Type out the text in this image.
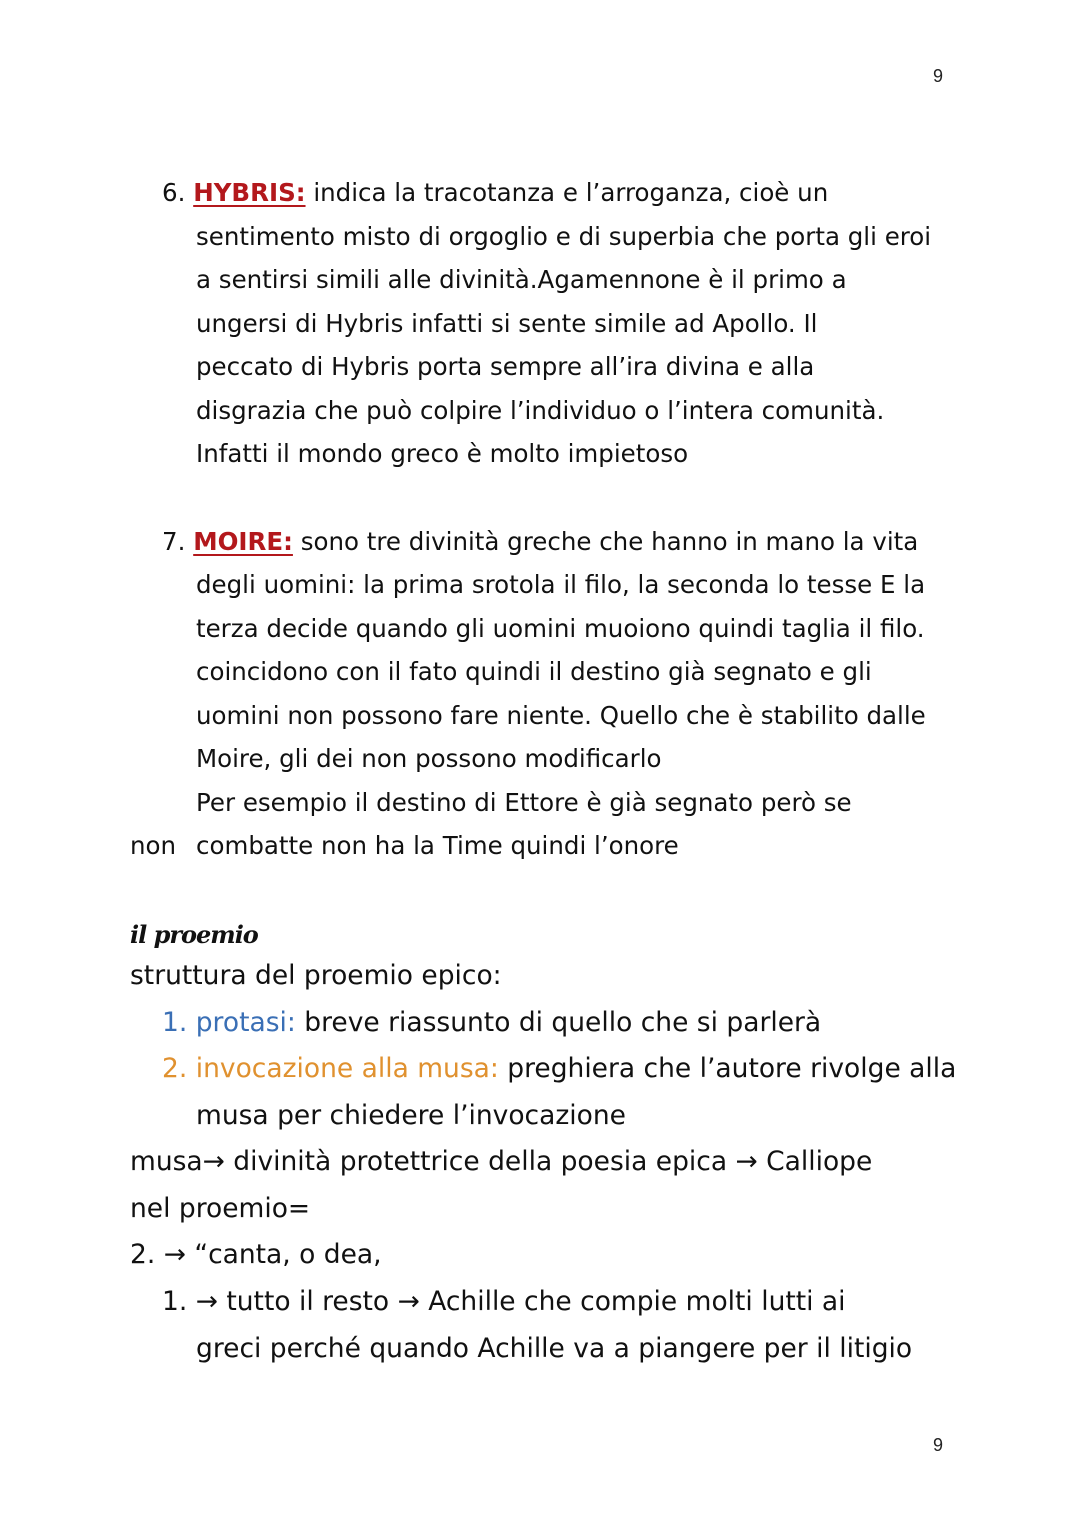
9
9
6. HYBRIS: indica la tracotanza e l’arroganza, cioè un
sentimento misto di orgoglio e di superbia che porta gli eroi
a sentirsi simili alle divinità.Agamennone è il primo a
ungersi di Hybris infatti si sente simile ad Apollo. Il
peccato di Hybris porta sempre all’ira divina e alla
disgrazia che può colpire l’individuo o l’intera comunità.
Infatti il mondo greco è molto impietoso
7. MOIRE: sono tre divinità greche che hanno in mano la vita
degli uomini: la prima srotola il filo, la seconda lo tesse E la
terza decide quando gli uomini muoiono quindi taglia il filo.
coincidono con il fato quindi il destino già segnato e gli
uomini non possono fare niente. Quello che è stabilito dalle
Moire, gli dei non possono modificarlo
Per esempio il destino di Ettore è già segnato però se
non combatte non ha la Time quindi l’onore
il proemio
struttura del proemio epico:
1. protasi: breve riassunto di quello che si parlerà
2. invocazione alla musa: preghiera che l’autore rivolge alla
musa per chiedere l’invocazione
musa→ divinità protettrice della poesia epica → Calliope
nel proemio=
2. → “canta, o dea,
1. → tutto il resto → Achille che compie molti lutti ai
greci perché quando Achille va a piangere per il litigio
